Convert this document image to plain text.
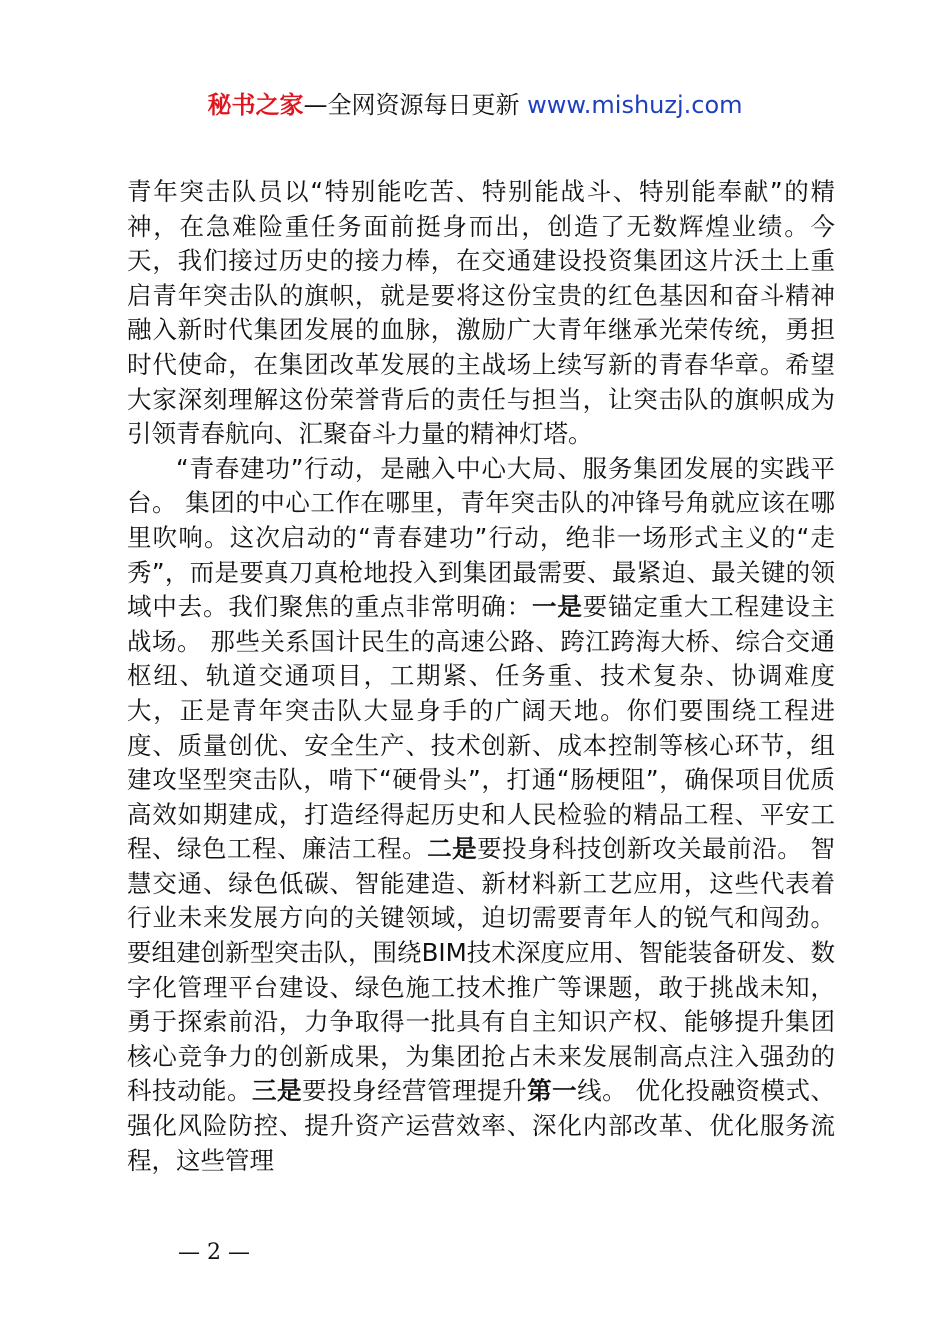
秘书之家—全网资源每日更新 www.mishuzj.com

青年突击队员以“特别能吃苦、特别能战斗、特别能奉献”的精神，在急难险重任务面前挺身而出，创造了无数辉煌业绩。今天，我们接过历史的接力棒，在交通建设投资集团这片沃土上重启青年突击队的旗帜，就是要将这份宝贵的红色基因和奋斗精神融入新时代集团发展的血脉，激励广大青年继承光荣传统，勇担时代使命，在集团改革发展的主战场上续写新的青春华章。希望大家深刻理解这份荣誉背后的责任与担当，让突击队的旗帜成为引领青春航向、汇聚奋斗力量的精神灯塔。

“青春建功”行动，是融入中心大局、服务集团发展的实践平台。 集团的中心工作在哪里，青年突击队的冲锋号角就应该在哪里吹响。这次启动的“青春建功”行动，绝非一场形式主义的“走秀”，而是要真刀真枪地投入到集团最需要、最紧迫、最关键的领域中去。我们聚焦的重点非常明确：一是要锚定重大工程建设主战场。 那些关系国计民生的高速公路、跨江跨海大桥、综合交通枢纽、轨道交通项目，工期紧、任务重、技术复杂、协调难度大，正是青年突击队大显身手的广阔天地。你们要围绕工程进度、质量创优、安全生产、技术创新、成本控制等核心环节，组建攻坚型突击队，啃下“硬骨头”，打通“肠梗阻”，确保项目优质高效如期建成，打造经得起历史和人民检验的精品工程、平安工程、绿色工程、廉洁工程。二是要投身科技创新攻关最前沿。 智慧交通、绿色低碳、智能建造、新材料新工艺应用，这些代表着行业未来发展方向的关键领域，迫切需要青年人的锐气和闯劲。要组建创新型突击队，围绕BIM技术深度应用、智能装备研发、数字化管理平台建设、绿色施工技术推广等课题，敢于挑战未知，勇于探索前沿，力争取得一批具有自主知识产权、能够提升集团核心竞争力的创新成果，为集团抢占未来发展制高点注入强劲的科技动能。三是要投身经营管理提升第一线。 优化投融资模式、强化风险防控、提升资产运营效率、深化内部改革、优化服务流程，这些管理

— 2 —
